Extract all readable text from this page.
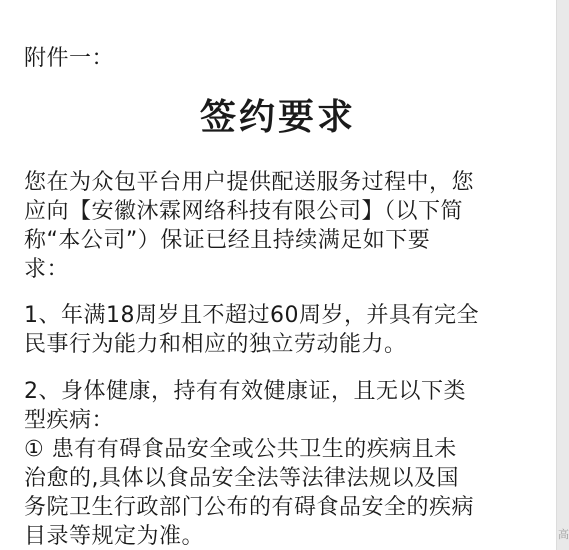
附件一：

签约要求

您在为众包平台用户提供配送服务过程中，您
应向【安徽沐霖网络科技有限公司】（以下简
称“本公司”）保证已经且持续满足如下要
求：

1、年满18周岁且不超过60周岁，并具有完全
民事行为能力和相应的独立劳动能力。

2、身体健康，持有有效健康证，且无以下类
型疾病：

① 患有有碍食品安全或公共卫生的疾病且未
治愈的,具体以食品安全法等法律法规以及国
务院卫生行政部门公布的有碍食品安全的疾病
目录等规定为准。	高
